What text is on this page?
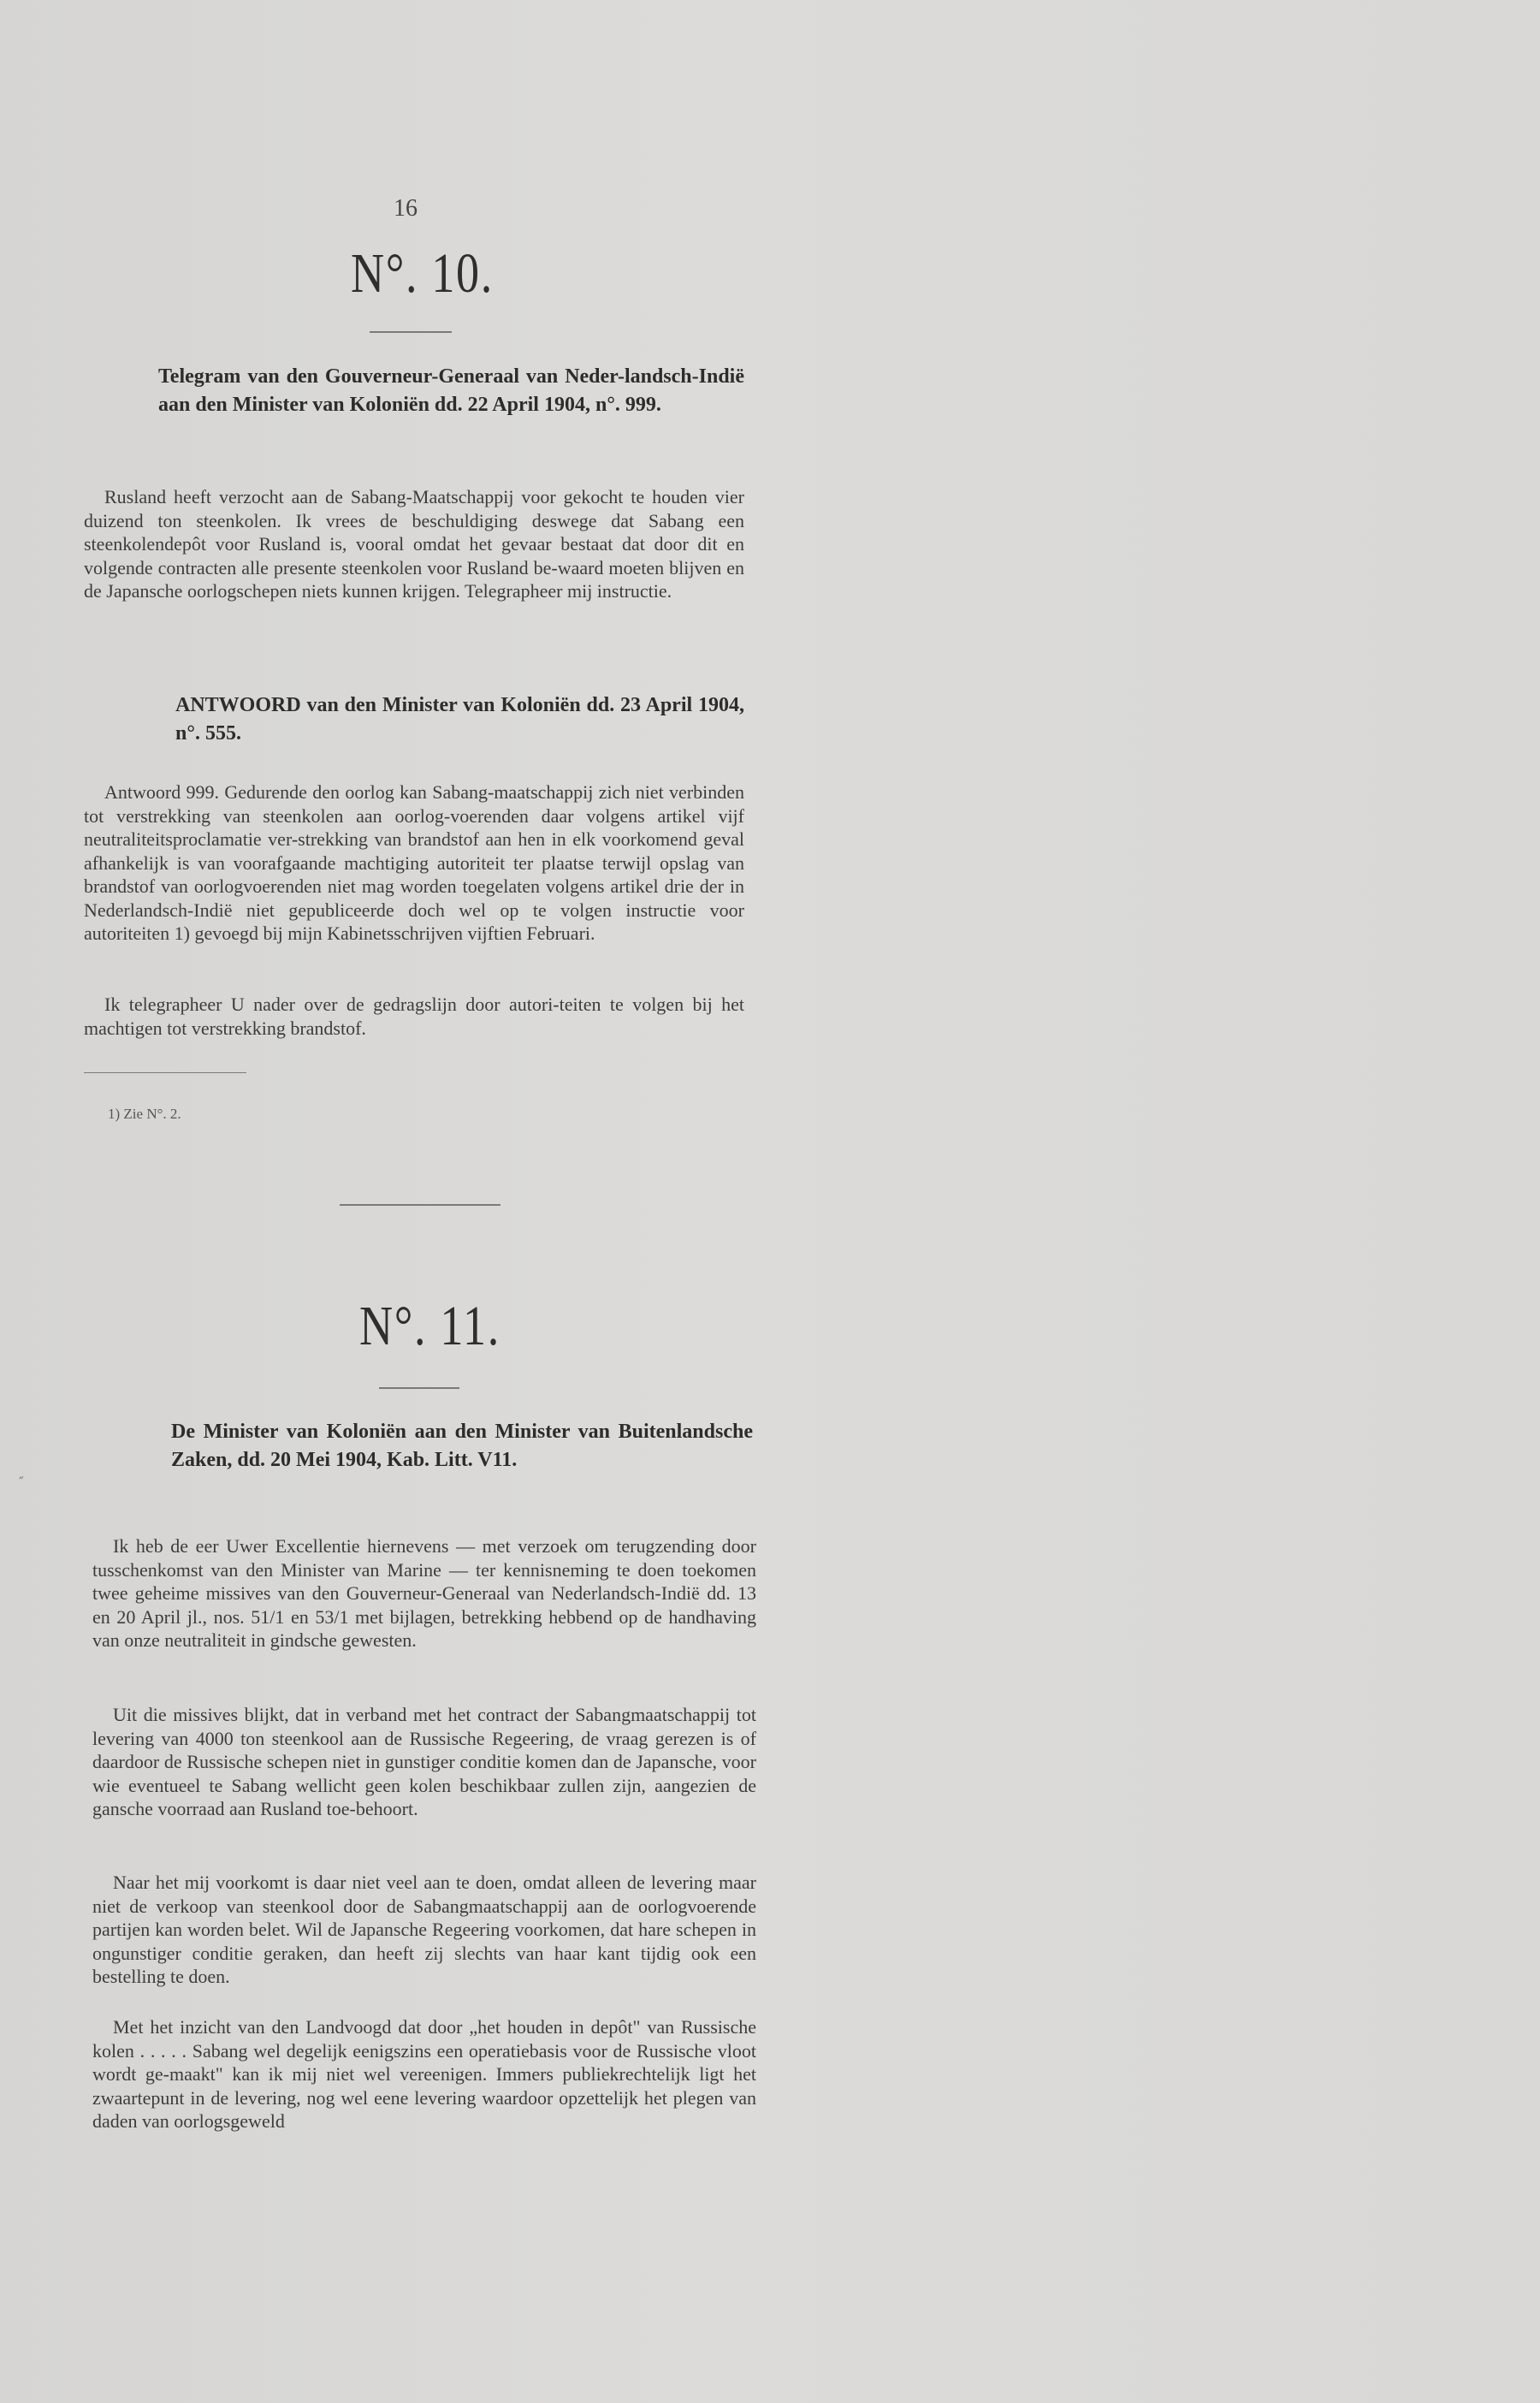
16
N°. 10.
Telegram van den Gouverneur-Generaal van Neder-landsch-Indië aan den Minister van Koloniën dd. 22 April 1904, n°. 999.

Rusland heeft verzocht aan de Sabang-Maatschappij voor gekocht te houden vier duizend ton steenkolen. Ik vrees de beschuldiging deswege dat Sabang een steenkolendepôt voor Rusland is, vooral omdat het gevaar bestaat dat door dit en volgende contracten alle presente steenkolen voor Rusland be-waard moeten blijven en de Japansche oorlogschepen niets kunnen krijgen. Telegrapheer mij instructie.

ANTWOORD van den Minister van Koloniën dd. 23 April 1904, n°. 555.

Antwoord 999. Gedurende den oorlog kan Sabang-maatschappij zich niet verbinden tot verstrekking van steenkolen aan oorlog-voerenden daar volgens artikel vijf neutraliteitsproclamatie ver-strekking van brandstof aan hen in elk voorkomend geval afhankelijk is van voorafgaande machtiging autoriteit ter plaatse terwijl opslag van brandstof van oorlogvoerenden niet mag worden toegelaten volgens artikel drie der in Nederlandsch-Indië niet gepubliceerde doch wel op te volgen instructie voor autoriteiten 1) gevoegd bij mijn Kabinetsschrijven vijftien Februari.

Ik telegrapheer U nader over de gedragslijn door autori-teiten te volgen bij het machtigen tot verstrekking brandstof.

1) Zie N°. 2.
N°. 11.
De Minister van Koloniën aan den Minister van Buitenlandsche Zaken, dd. 20 Mei 1904, Kab. Litt. V11.
″

Ik heb de eer Uwer Excellentie hiernevens — met verzoek om terugzending door tusschenkomst van den Minister van Marine — ter kennisneming te doen toekomen twee geheime missives van den Gouverneur-Generaal van Nederlandsch-Indië dd. 13 en 20 April jl., nos. 51/1 en 53/1 met bijlagen, betrekking hebbend op de handhaving van onze neutraliteit in gindsche gewesten.

Uit die missives blijkt, dat in verband met het contract der Sabangmaatschappij tot levering van 4000 ton steenkool aan de Russische Regeering, de vraag gerezen is of daardoor de Russische schepen niet in gunstiger conditie komen dan de Japansche, voor wie eventueel te Sabang wellicht geen kolen beschikbaar zullen zijn, aangezien de gansche voorraad aan Rusland toe-behoort.

Naar het mij voorkomt is daar niet veel aan te doen, omdat alleen de levering maar niet de verkoop van steenkool door de Sabangmaatschappij aan de oorlogvoerende partijen kan worden belet. Wil de Japansche Regeering voorkomen, dat hare schepen in ongunstiger conditie geraken, dan heeft zij slechts van haar kant tijdig ook een bestelling te doen.

Met het inzicht van den Landvoogd dat door „het houden in depôt" van Russische kolen . . . . . Sabang wel degelijk eenigszins een operatiebasis voor de Russische vloot wordt ge-maakt" kan ik mij niet wel vereenigen. Immers publiekrechtelijk ligt het zwaartepunt in de levering, nog wel eene levering waardoor opzettelijk het plegen van daden van oorlogsgeweld
